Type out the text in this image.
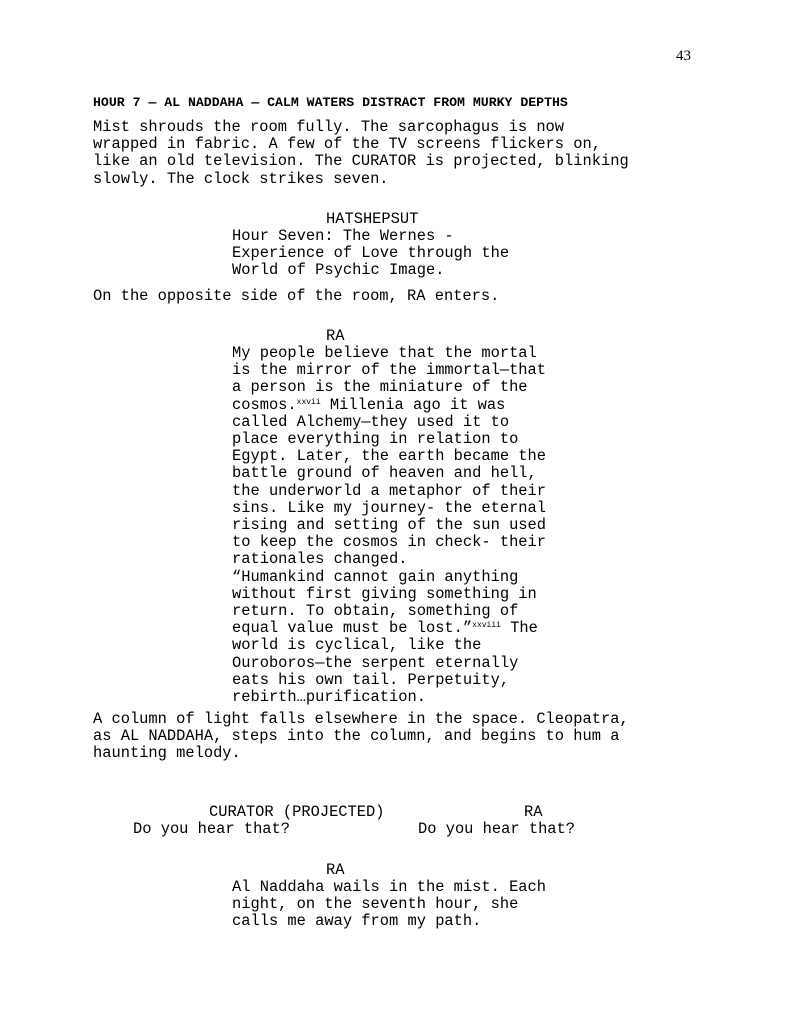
43
HOUR 7 — AL NADDAHA — CALM WATERS DISTRACT FROM MURKY DEPTHS
Mist shrouds the room fully. The sarcophagus is now
wrapped in fabric. A few of the TV screens flickers on,
like an old television. The CURATOR is projected, blinking
slowly. The clock strikes seven.
HATSHEPSUT
Hour Seven: The Wernes -
Experience of Love through the
World of Psychic Image.
On the opposite side of the room, RA enters.
RA
My people believe that the mortal
is the mirror of the immortal—that
a person is the miniature of the
cosmos.$^{xxvii}$ Millenia ago it was
called Alchemy—they used it to
place everything in relation to
Egypt. Later, the earth became the
battle ground of heaven and hell,
the underworld a metaphor of their
sins. Like my journey- the eternal
rising and setting of the sun used
to keep the cosmos in check- their
rationales changed.
“Humankind cannot gain anything
without first giving something in
return. To obtain, something of
equal value must be lost.”$^{xxviii}$ The
world is cyclical, like the
Ouroboros—the serpent eternally
eats his own tail. Perpetuity,
rebirth…purification.
A column of light falls elsewhere in the space. Cleopatra,
as AL NADDAHA, steps into the column, and begins to hum a
haunting melody.
CURATOR (PROJECTED)
Do you hear that?
RA
Do you hear that?
RA
Al Naddaha wails in the mist. Each
night, on the seventh hour, she
calls me away from my path.
